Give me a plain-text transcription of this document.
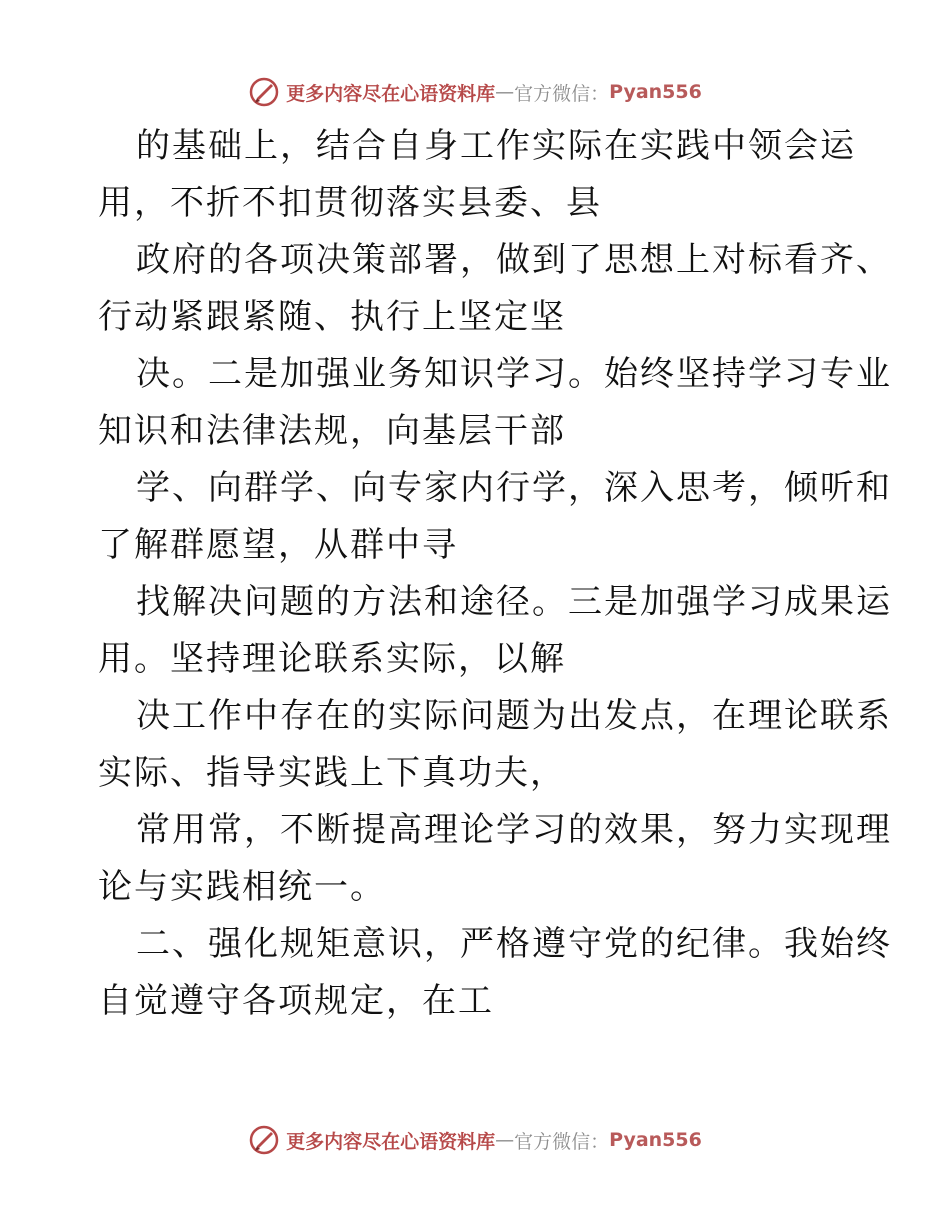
更多内容尽在心语资料库 — 官方微信： Pyan556

的基础上，结合自身工作实际在实践中领会运
用，不折不扣贯彻落实县委、县

政府的各项决策部署，做到了思想上对标看齐、
行动紧跟紧随、执行上坚定坚

决。二是加强业务知识学习。始终坚持学习专业
知识和法律法规，向基层干部

学、向群学、向专家内行学，深入思考，倾听和
了解群愿望，从群中寻

找解决问题的方法和途径。三是加强学习成果运
用。坚持理论联系实际，以解

决工作中存在的实际问题为出发点，在理论联系
实际、指导实践上下真功夫，

常用常，不断提高理论学习的效果，努力实现理
论与实践相统一。

二、强化规矩意识，严格遵守党的纪律。我始终
自觉遵守各项规定，在工

更多内容尽在心语资料库 — 官方微信： Pyan556
